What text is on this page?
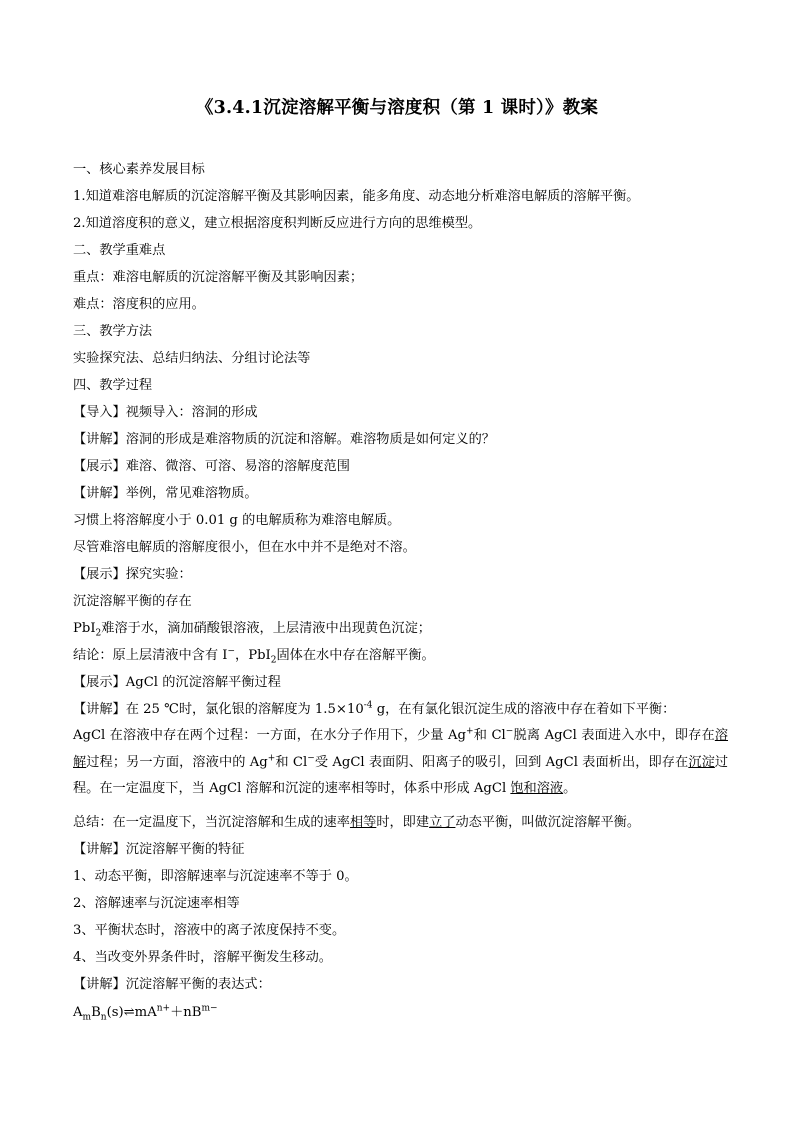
《3.4.1沉淀溶解平衡与溶度积（第 1 课时）》教案
一、核心素养发展目标
1.知道难溶电解质的沉淀溶解平衡及其影响因素，能多角度、动态地分析难溶电解质的溶解平衡。
2.知道溶度积的意义，建立根据溶度积判断反应进行方向的思维模型。
二、教学重难点
重点：难溶电解质的沉淀溶解平衡及其影响因素；
难点：溶度积的应用。
三、教学方法
实验探究法、总结归纳法、分组讨论法等
四、教学过程
【导入】视频导入：溶洞的形成
【讲解】溶洞的形成是难溶物质的沉淀和溶解。难溶物质是如何定义的？
【展示】难溶、微溶、可溶、易溶的溶解度范围
【讲解】举例，常见难溶物质。
习惯上将溶解度小于 0.01 g 的电解质称为难溶电解质。
尽管难溶电解质的溶解度很小，但在水中并不是绝对不溶。
【展示】探究实验：
沉淀溶解平衡的存在
PbI$_2$难溶于水，滴加硝酸银溶液，上层清液中出现黄色沉淀；
结论：原上层清液中含有 I−，PbI$_2$固体在水中存在溶解平衡。
【展示】AgCl 的沉淀溶解平衡过程
【讲解】在 25 ℃时，氯化银的溶解度为 $1.5\times 10^{-4}$ g，在有氯化银沉淀生成的溶液中存在着如下平衡：
AgCl 在溶液中存在两个过程：一方面，在水分子作用下，少量 Ag+和 Cl−脱离 AgCl 表面进入水中，即存在溶解过程；另一方面，溶液中的 Ag+和 Cl−受 AgCl 表面阴、阳离子的吸引，回到 AgCl 表面析出，即存在沉淀过程。在一定温度下，当 AgCl 溶解和沉淀的速率相等时，体系中形成 AgCl 饱和溶液。
总结：在一定温度下，当沉淀溶解和生成的速率相等时，即建立了动态平衡，叫做沉淀溶解平衡。
【讲解】沉淀溶解平衡的特征
1、动态平衡，即溶解速率与沉淀速率不等于 0。
2、溶解速率与沉淀速率相等
3、平衡状态时，溶液中的离子浓度保持不变。
4、当改变外界条件时，溶解平衡发生移动。
【讲解】沉淀溶解平衡的表达式：
$A_mB_n(s)\rightleftharpoons mA^{n+}+nB^{m-}$
